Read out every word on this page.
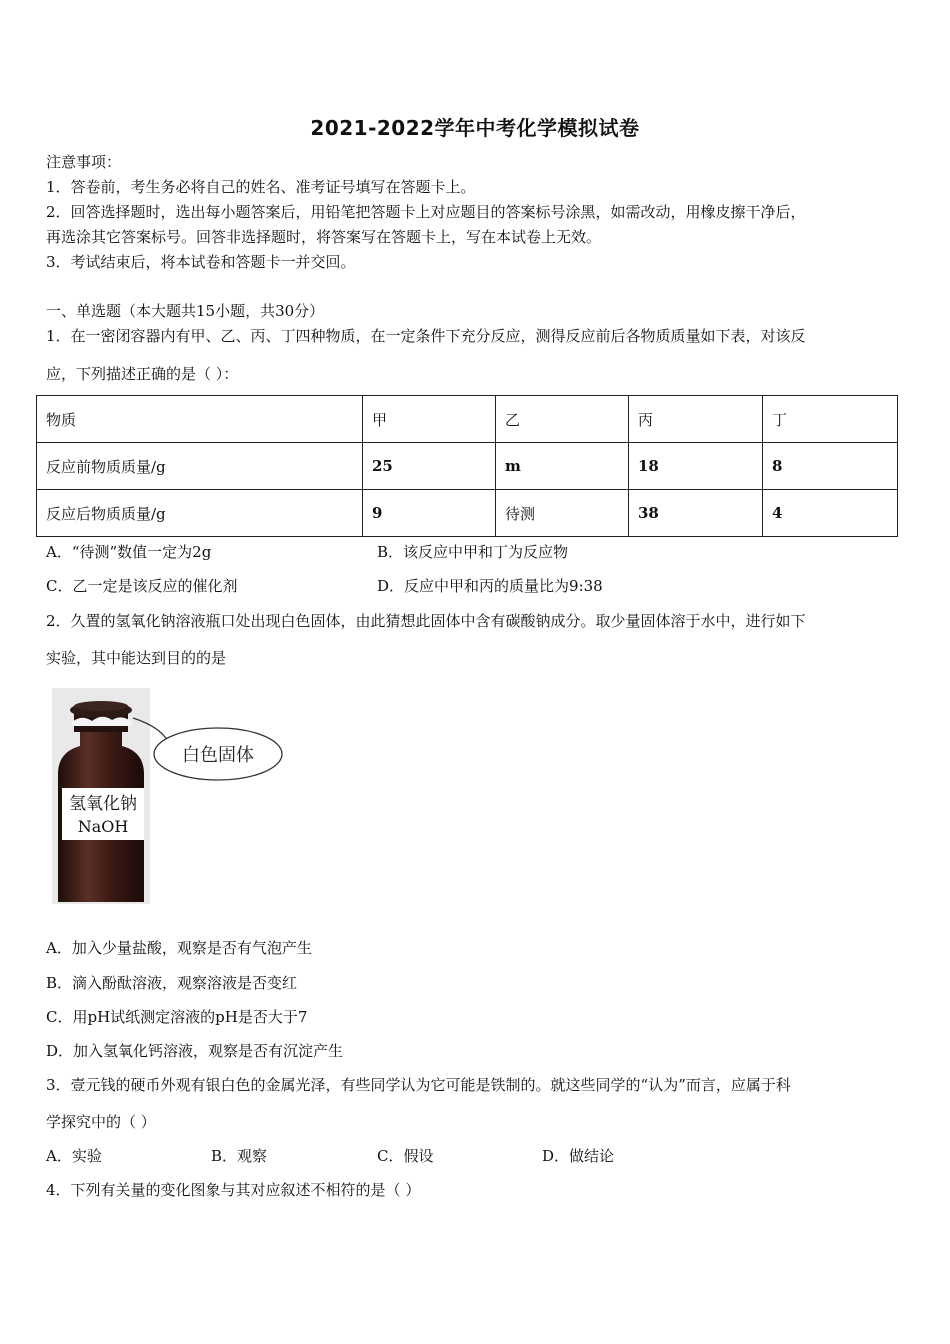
2021-2022学年中考化学模拟试卷
注意事项：
1．答卷前，考生务必将自己的姓名、准考证号填写在答题卡上。
2．回答选择题时，选出每小题答案后，用铅笔把答题卡上对应题目的答案标号涂黑，如需改动，用橡皮擦干净后，
再选涂其它答案标号。回答非选择题时，将答案写在答题卡上，写在本试卷上无效。
3．考试结束后，将本试卷和答题卡一并交回。
一、单选题（本大题共15小题，共30分）
1．在一密闭容器内有甲、乙、丙、丁四种物质，在一定条件下充分反应，测得反应前后各物质质量如下表，对该反
应，下列描述正确的是（ ）：
物质	甲	乙	丙	丁
反应前物质质量/g	25	m	18	8
反应后物质质量/g	9	待测	38	4
A．“待测”数值一定为2g	B．该反应中甲和丁为反应物
C．乙一定是该反应的催化剂	D．反应中甲和丙的质量比为9:38
2．久置的氢氧化钠溶液瓶口处出现白色固体，由此猜想此固体中含有碳酸钠成分。取少量固体溶于水中，进行如下
实验，其中能达到目的的是
白色固体
氢氧化钠
NaOH
A．加入少量盐酸，观察是否有气泡产生
B．滴入酚酞溶液，观察溶液是否变红
C．用pH试纸测定溶液的pH是否大于7
D．加入氢氧化钙溶液，观察是否有沉淀产生
3．壹元钱的硬币外观有银白色的金属光泽，有些同学认为它可能是铁制的。就这些同学的“认为”而言，应属于科
学探究中的（ ）
A．实验	B．观察	C．假设	D．做结论
4．下列有关量的变化图象与其对应叙述不相符的是（ ）
